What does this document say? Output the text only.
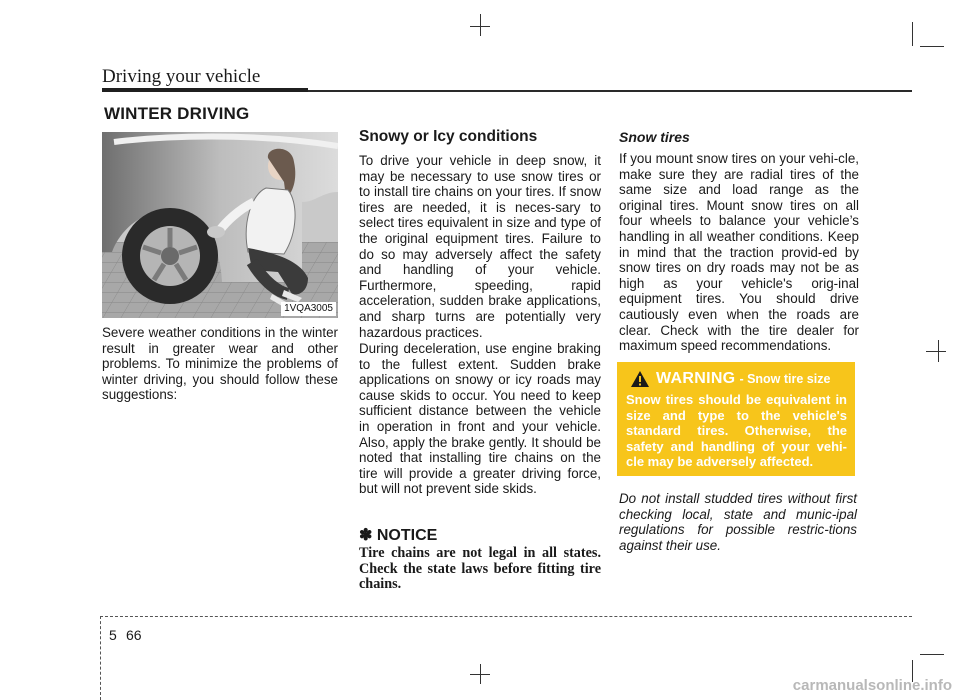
Driving your vehicle
WINTER DRIVING
1VQA3005

Severe weather conditions in the winter result in greater wear and other problems. To minimize the problems of winter driving, you should follow these suggestions:

Snowy or Icy conditions

To drive your vehicle in deep snow, it may be necessary to use snow tires or to install tire chains on your tires. If snow tires are needed, it is neces-sary to select tires equivalent in size and type of the original equipment tires. Failure to do so may adversely affect the safety and handling of your vehicle. Furthermore, speeding, rapid acceleration, sudden brake applications, and sharp turns are potentially very hazardous practices.

During deceleration, use engine braking to the fullest extent. Sudden brake applications on snowy or icy roads may cause skids to occur. You need to keep sufficient distance between the vehicle in operation in front and your vehicle. Also, apply the brake gently. It should be noted that installing tire chains on the tire will provide a greater driving force, but will not prevent side skids.

✽ NOTICE

Tire chains are not legal in all states. Check the state laws before fitting tire chains.

Snow tires

If you mount snow tires on your vehi-cle, make sure they are radial tires of the same size and load range as the original tires. Mount snow tires on all four wheels to balance your vehicle’s handling in all weather conditions. Keep in mind that the traction provid-ed by snow tires on dry roads may not be as high as your vehicle's orig-inal equipment tires. You should drive cautiously even when the roads are clear. Check with the tire dealer for maximum speed recommendations.

WARNING - Snow tire size

Snow tires should be equivalent in size and type to the vehicle's standard tires. Otherwise, the safety and handling of your vehi-cle may be adversely affected.

Do not install studded tires without first checking local, state and munic-ipal regulations for possible restric-tions against their use.

5 66
carmanualsonline.info
